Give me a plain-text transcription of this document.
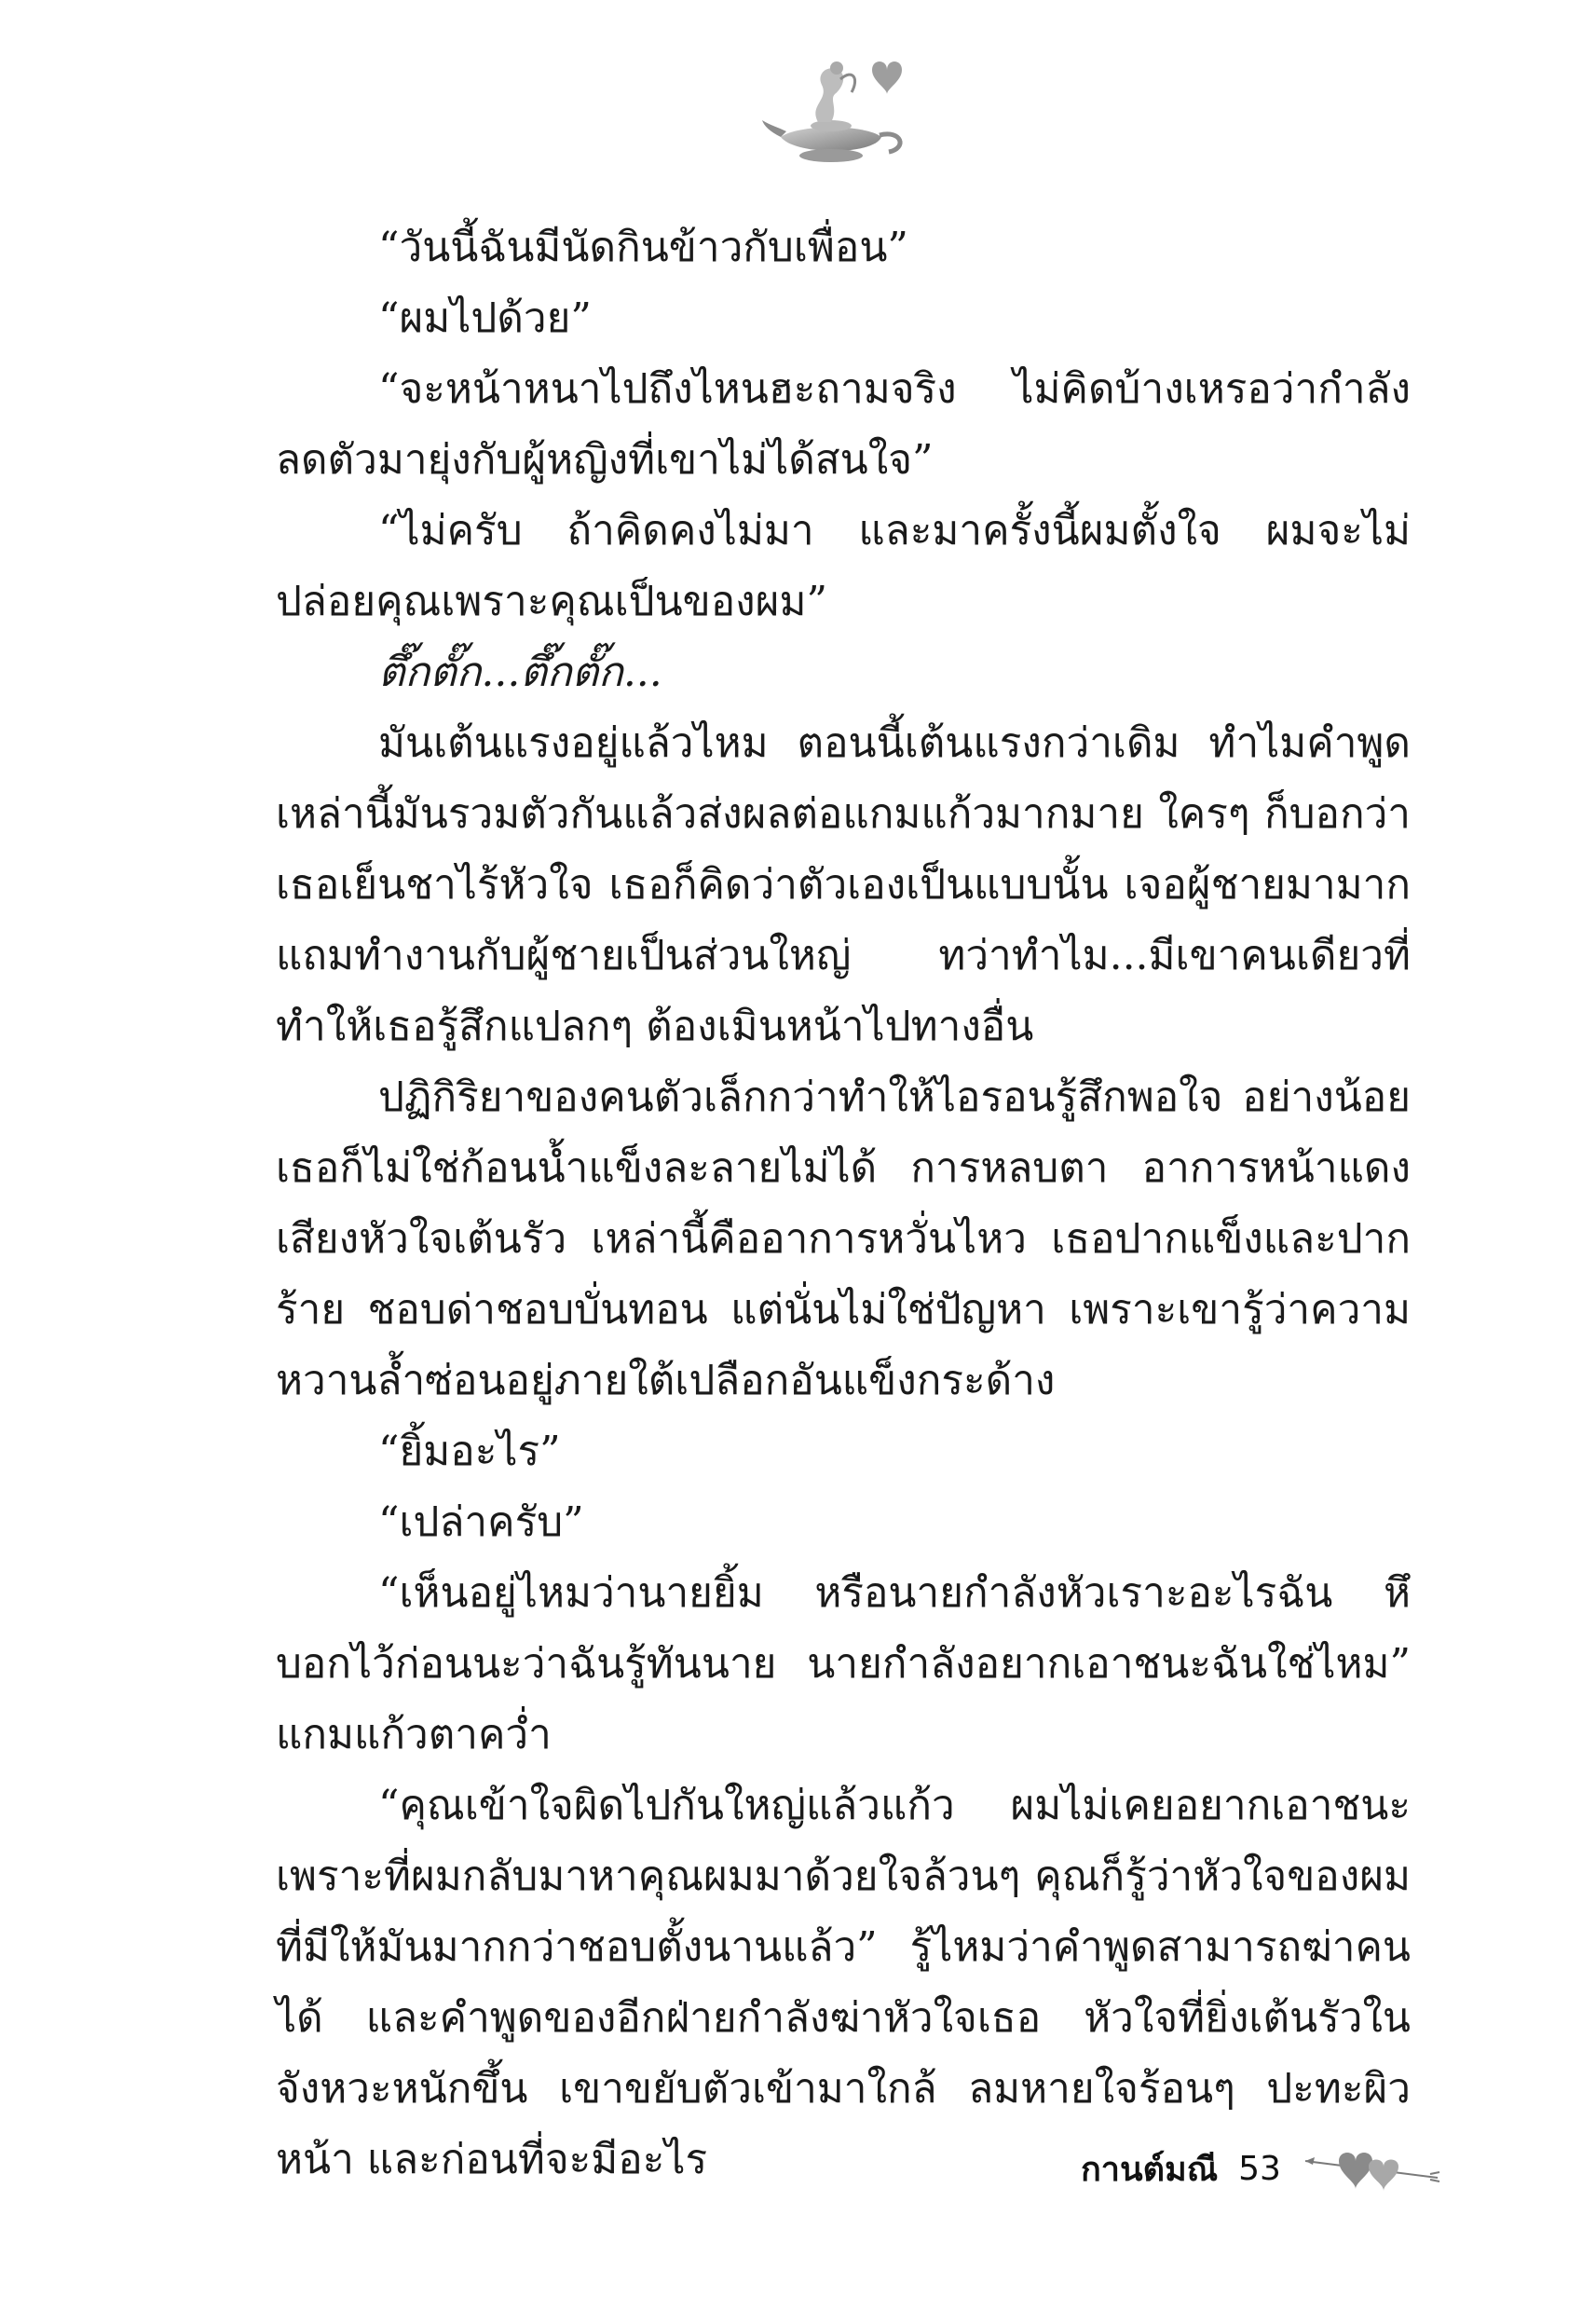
“วันนี้ฉันมีนัดกินข้าวกับเพื่อน”

“ผมไปด้วย”

“จะหน้าหนาไปถึงไหนฮะถามจริง ไม่คิดบ้างเหรอว่ากำลังลดตัวมายุ่งกับผู้หญิงที่เขาไม่ได้สนใจ”

“ไม่ครับ ถ้าคิดคงไม่มา และมาครั้งนี้ผมตั้งใจ ผมจะไม่ปล่อยคุณเพราะคุณเป็นของผม”

ตึ๊กตั๊ก...ตึ๊กตั๊ก...

มันเต้นแรงอยู่แล้วไหม ตอนนี้เต้นแรงกว่าเดิม ทำไมคำพูดเหล่านี้มันรวมตัวกันแล้วส่งผลต่อแกมแก้วมากมาย ใครๆ ก็บอกว่าเธอเย็นชาไร้หัวใจ เธอก็คิดว่าตัวเองเป็นแบบนั้น เจอผู้ชายมามาก แถมทำงานกับผู้ชายเป็นส่วนใหญ่ ทว่าทำไม...มีเขาคนเดียวที่ทำให้เธอรู้สึกแปลกๆ ต้องเมินหน้าไปทางอื่น

ปฏิกิริยาของคนตัวเล็กกว่าทำให้ไอรอนรู้สึกพอใจ อย่างน้อยเธอก็ไม่ใช่ก้อนน้ำแข็งละลายไม่ได้ การหลบตา อาการหน้าแดง เสียงหัวใจเต้นรัว เหล่านี้คืออาการหวั่นไหว เธอปากแข็งและปากร้าย ชอบด่าชอบบั่นทอน แต่นั่นไม่ใช่ปัญหา เพราะเขารู้ว่าความหวานล้ำซ่อนอยู่ภายใต้เปลือกอันแข็งกระด้าง

“ยิ้มอะไร”

“เปล่าครับ”

“เห็นอยู่ไหมว่านายยิ้ม หรือนายกำลังหัวเราะอะไรฉัน หึ บอกไว้ก่อนนะว่าฉันรู้ทันนาย นายกำลังอยากเอาชนะฉันใช่ไหม” แกมแก้วตาคว่ำ

“คุณเข้าใจผิดไปกันใหญ่แล้วแก้ว ผมไม่เคยอยากเอาชนะ เพราะที่ผมกลับมาหาคุณผมมาด้วยใจล้วนๆ คุณก็รู้ว่าหัวใจของผมที่มีให้มันมากกว่าชอบตั้งนานแล้ว” รู้ไหมว่าคำพูดสามารถฆ่าคนได้ และคำพูดของอีกฝ่ายกำลังฆ่าหัวใจเธอ หัวใจที่ยิ่งเต้นรัวในจังหวะหนักขึ้น เขาขยับตัวเข้ามาใกล้ ลมหายใจร้อนๆ ปะทะผิวหน้า และก่อนที่จะมีอะไร	กานต์มณี 53
